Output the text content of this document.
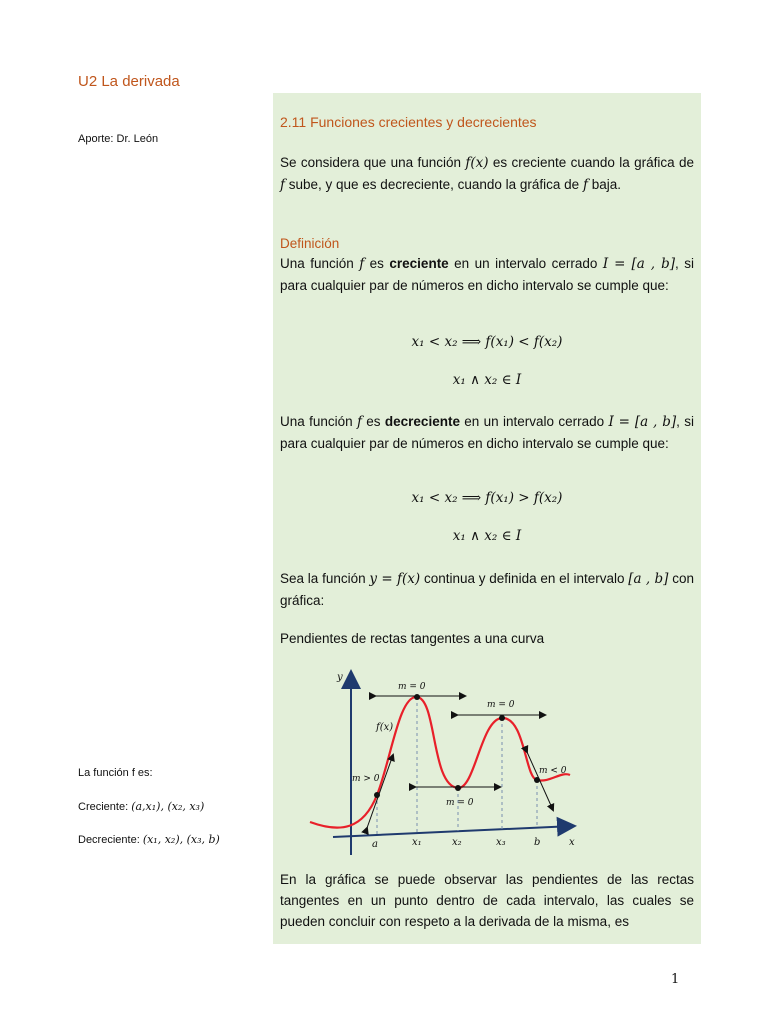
U2 La derivada
Aporte: Dr. León
2.11 Funciones crecientes y decrecientes
Se considera que una función f(x) es creciente cuando la gráfica de f sube, y que es decreciente, cuando la gráfica de f baja.
Definición
Una función f es creciente en un intervalo cerrado I = [a , b], si para cualquier par de números en dicho intervalo se cumple que:
x₁ < x₂ ⟹ f(x₁) < f(x₂)
x₁ ∧ x₂ ∈ I
Una función f es decreciente en un intervalo cerrado I = [a , b], si para cualquier par de números en dicho intervalo se cumple que:
x₁ < x₂ ⟹ f(x₁) > f(x₂)
x₁ ∧ x₂ ∈ I
Sea la función y = f(x) continua y definida en el intervalo [a , b] con gráfica:
Pendientes de rectas tangentes a una curva
y
x
a	x₁	x₂	x₃	b
f(x)
m > 0
m = 0
m = 0
m = 0
m < 0
En la gráfica se puede observar las pendientes de las rectas tangentes en un punto dentro de cada intervalo, las cuales se pueden concluir con respeto a la derivada de la misma, es
La función f es:
Creciente: (a,x₁), (x₂, x₃)
Decreciente: (x₁, x₂), (x₃, b)
1
